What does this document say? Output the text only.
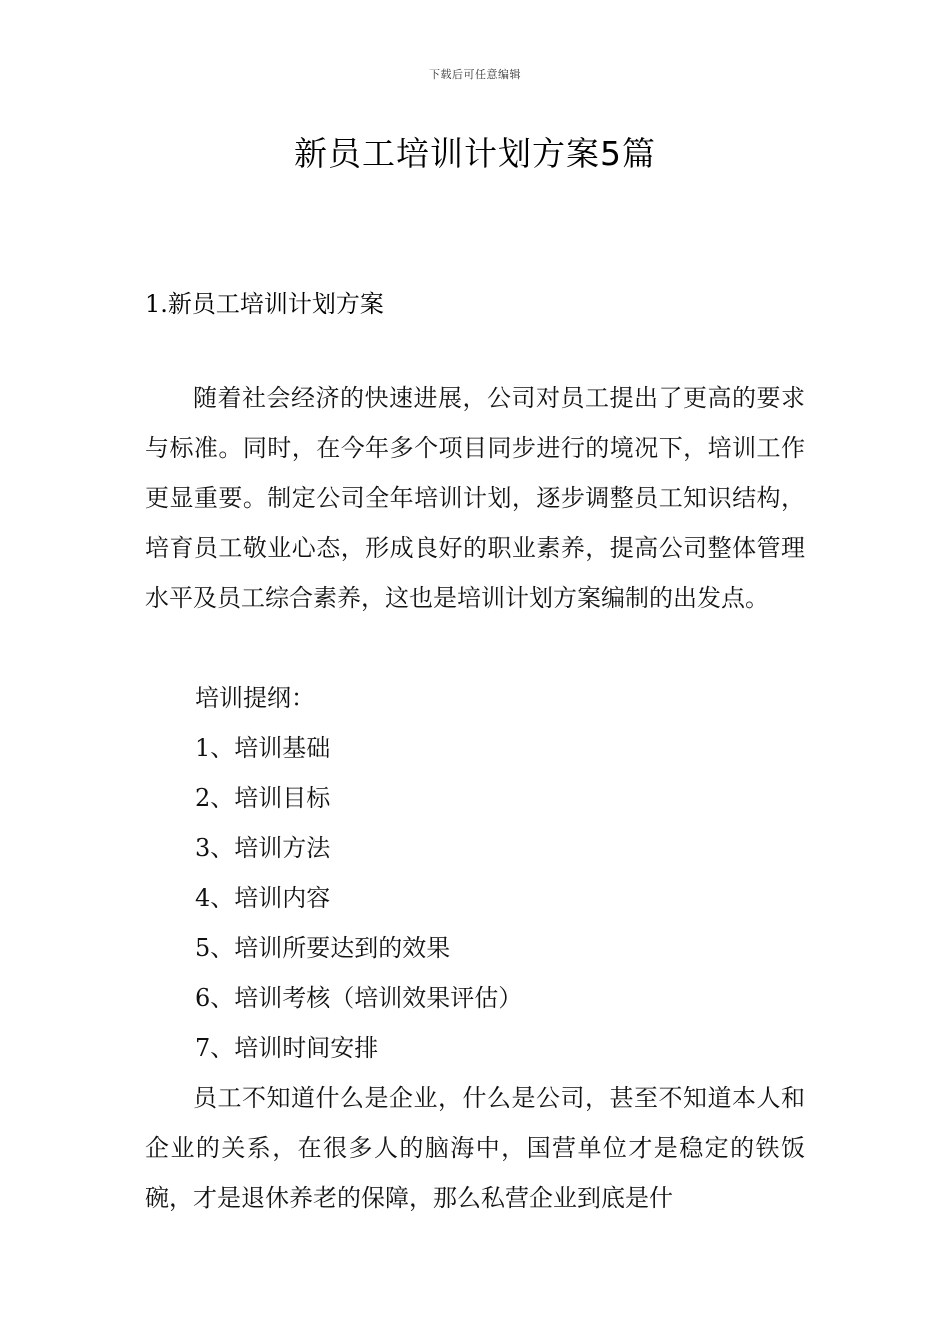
下载后可任意编辑
新员工培训计划方案5篇
1.新员工培训计划方案

随着社会经济的快速进展，公司对员工提出了更高的要求与标准。同时，在今年多个项目同步进行的境况下，培训工作更显重要。制定公司全年培训计划，逐步调整员工知识结构，培育员工敬业心态，形成良好的职业素养，提高公司整体管理水平及员工综合素养，这也是培训计划方案编制的出发点。

培训提纲：
1、培训基础
2、培训目标
3、培训方法
4、培训内容
5、培训所要达到的效果
6、培训考核（培训效果评估）
7、培训时间安排

员工不知道什么是企业，什么是公司，甚至不知道本人和企业的关系，在很多人的脑海中，国营单位才是稳定的铁饭碗，才是退休养老的保障，那么私营企业到底是什
